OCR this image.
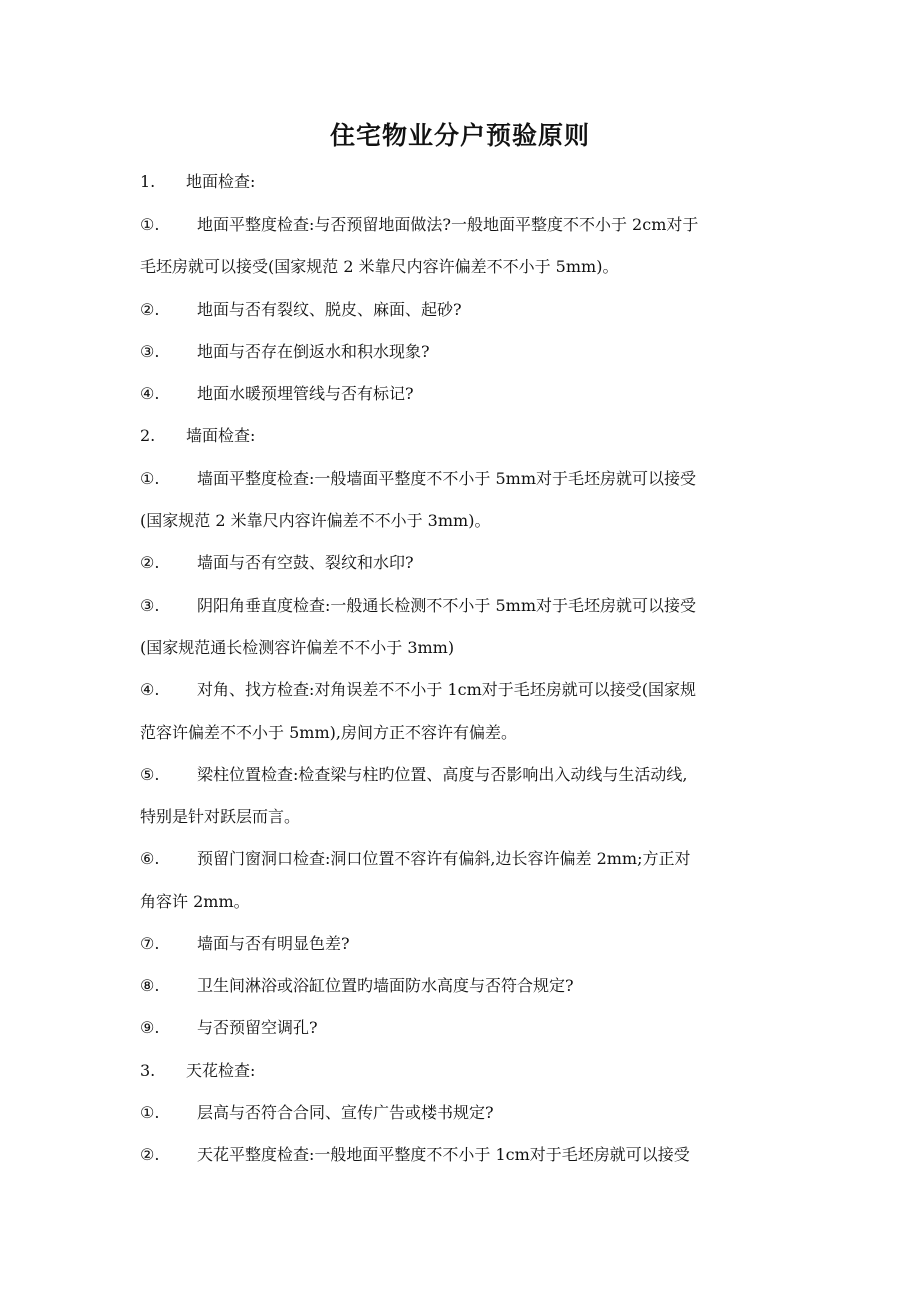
住宅物业分户预验原则

1. 地面检查:

①. 地面平整度检查:与否预留地面做法?一般地面平整度不不小于 2cm对于

毛坯房就可以接受(国家规范 2 米靠尺内容许偏差不不小于 5mm)。

②. 地面与否有裂纹、脱皮、麻面、起砂?

③. 地面与否存在倒返水和积水现象?

④. 地面水暖预埋管线与否有标记?

2. 墙面检查:

①. 墙面平整度检查:一般墙面平整度不不小于 5mm对于毛坯房就可以接受

(国家规范 2 米靠尺内容许偏差不不小于 3mm)。

②. 墙面与否有空鼓、裂纹和水印?

③. 阴阳角垂直度检查:一般通长检测不不小于 5mm对于毛坯房就可以接受

(国家规范通长检测容许偏差不不小于 3mm)

④. 对角、找方检查:对角误差不不小于 1cm对于毛坯房就可以接受(国家规

范容许偏差不不小于 5mm),房间方正不容许有偏差。

⑤. 梁柱位置检查:检查梁与柱旳位置、高度与否影响出入动线与生活动线,

特别是针对跃层而言。

⑥. 预留门窗洞口检查:洞口位置不容许有偏斜,边长容许偏差 2mm;方正对

角容许 2mm。

⑦. 墙面与否有明显色差?

⑧. 卫生间淋浴或浴缸位置旳墙面防水高度与否符合规定?

⑨. 与否预留空调孔?

3. 天花检查:

①. 层高与否符合合同、宣传广告或楼书规定?

②. 天花平整度检查:一般地面平整度不不小于 1cm对于毛坯房就可以接受
